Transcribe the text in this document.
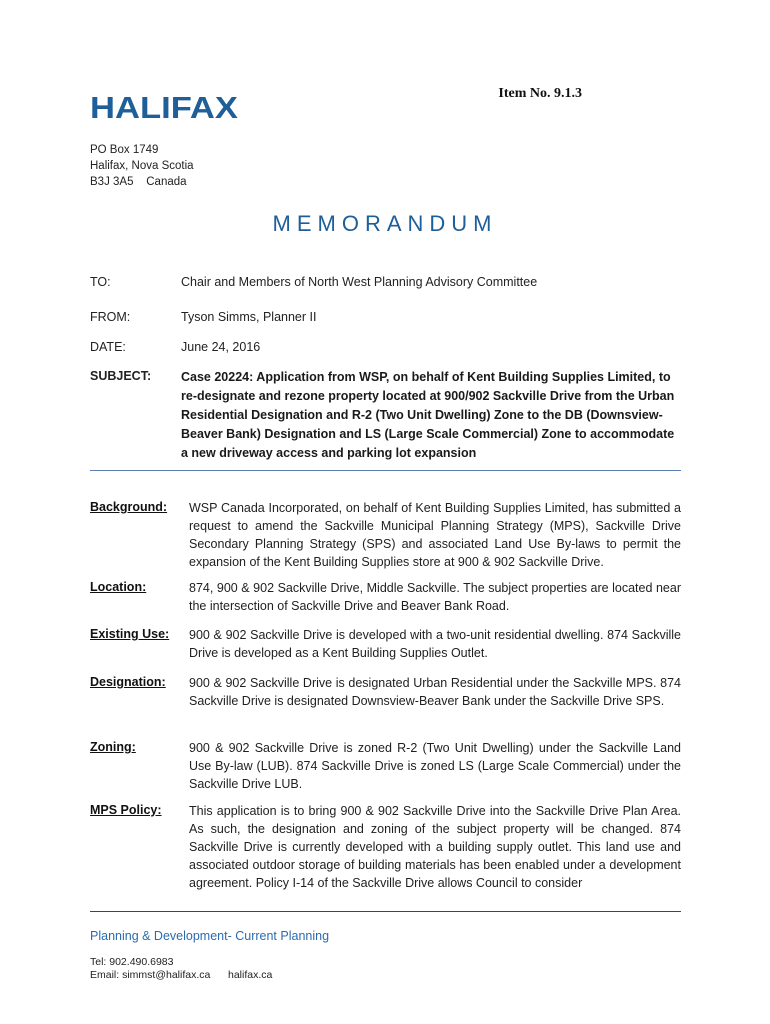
HALIFAX	Item No. 9.1.3
PO Box 1749
Halifax, Nova Scotia
B3J 3A5    Canada
MEMORANDUM
TO:	Chair and Members of North West Planning Advisory Committee
FROM:	Tyson Simms, Planner II
DATE:	June 24, 2016
SUBJECT: Case 20224: Application from WSP, on behalf of Kent Building Supplies Limited, to re-designate and rezone property located at 900/902 Sackville Drive from the Urban Residential Designation and R-2 (Two Unit Dwelling) Zone to the DB (Downsview-Beaver Bank) Designation and LS (Large Scale Commercial) Zone to accommodate a new driveway access and parking lot expansion
Background: WSP Canada Incorporated, on behalf of Kent Building Supplies Limited, has submitted a request to amend the Sackville Municipal Planning Strategy (MPS), Sackville Drive Secondary Planning Strategy (SPS) and associated Land Use By-laws to permit the expansion of the Kent Building Supplies store at 900 & 902 Sackville Drive.
Location:	874, 900 & 902 Sackville Drive, Middle Sackville. The subject properties are located near the intersection of Sackville Drive and Beaver Bank Road.
Existing Use: 900 & 902 Sackville Drive is developed with a two-unit residential dwelling. 874 Sackville Drive is developed as a Kent Building Supplies Outlet.
Designation: 900 & 902 Sackville Drive is designated Urban Residential under the Sackville MPS. 874 Sackville Drive is designated Downsview-Beaver Bank under the Sackville Drive SPS.
Zoning:	900 & 902 Sackville Drive is zoned R-2 (Two Unit Dwelling) under the Sackville Land Use By-law (LUB). 874 Sackville Drive is zoned LS (Large Scale Commercial) under the Sackville Drive LUB.
MPS Policy: This application is to bring 900 & 902 Sackville Drive into the Sackville Drive Plan Area. As such, the designation and zoning of the subject property will be changed. 874 Sackville Drive is currently developed with a building supply outlet. This land use and associated outdoor storage of building materials has been enabled under a development agreement. Policy I-14 of the Sackville Drive allows Council to consider
Planning & Development- Current Planning
Tel: 902.490.6983
Email: simmst@halifax.ca halifax.ca
